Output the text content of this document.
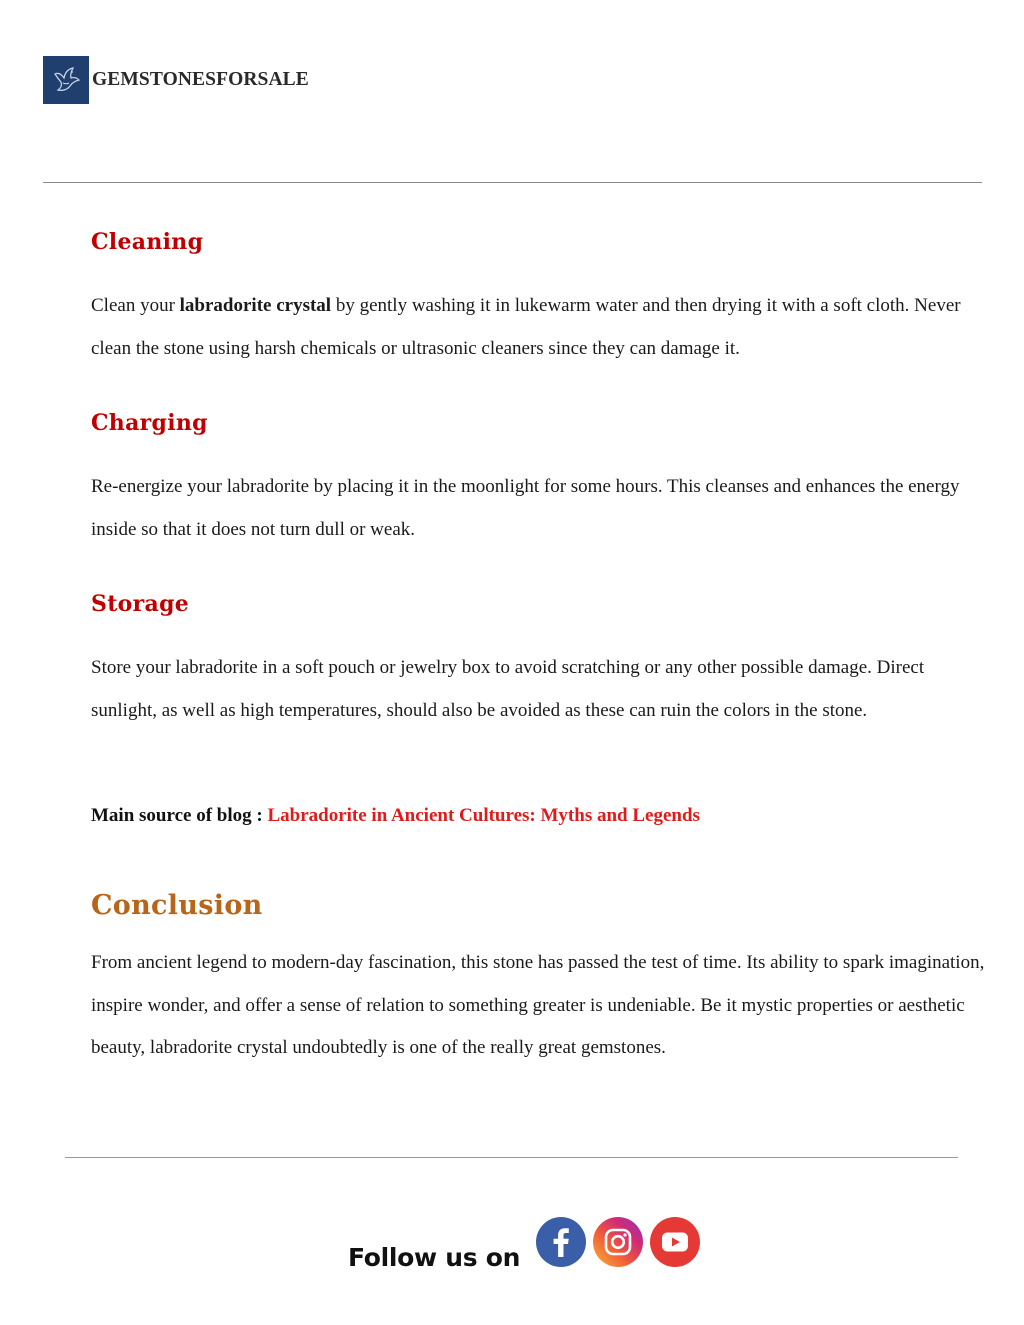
GEMSTONESFORSALE
Cleaning

Clean your labradorite crystal by gently washing it in lukewarm water and then drying it with a soft cloth. Never clean the stone using harsh chemicals or ultrasonic cleaners since they can damage it.

Charging

Re-energize your labradorite by placing it in the moonlight for some hours. This cleanses and enhances the energy inside so that it does not turn dull or weak.

Storage

Store your labradorite in a soft pouch or jewelry box to avoid scratching or any other possible damage. Direct sunlight, as well as high temperatures, should also be avoided as these can ruin the colors in the stone.

Main source of blog : Labradorite in Ancient Cultures: Myths and Legends

Conclusion

From ancient legend to modern-day fascination, this stone has passed the test of time. Its ability to spark imagination, inspire wonder, and offer a sense of relation to something greater is undeniable. Be it mystic properties or aesthetic beauty, labradorite crystal undoubtedly is one of the really great gemstones.

Follow us on
